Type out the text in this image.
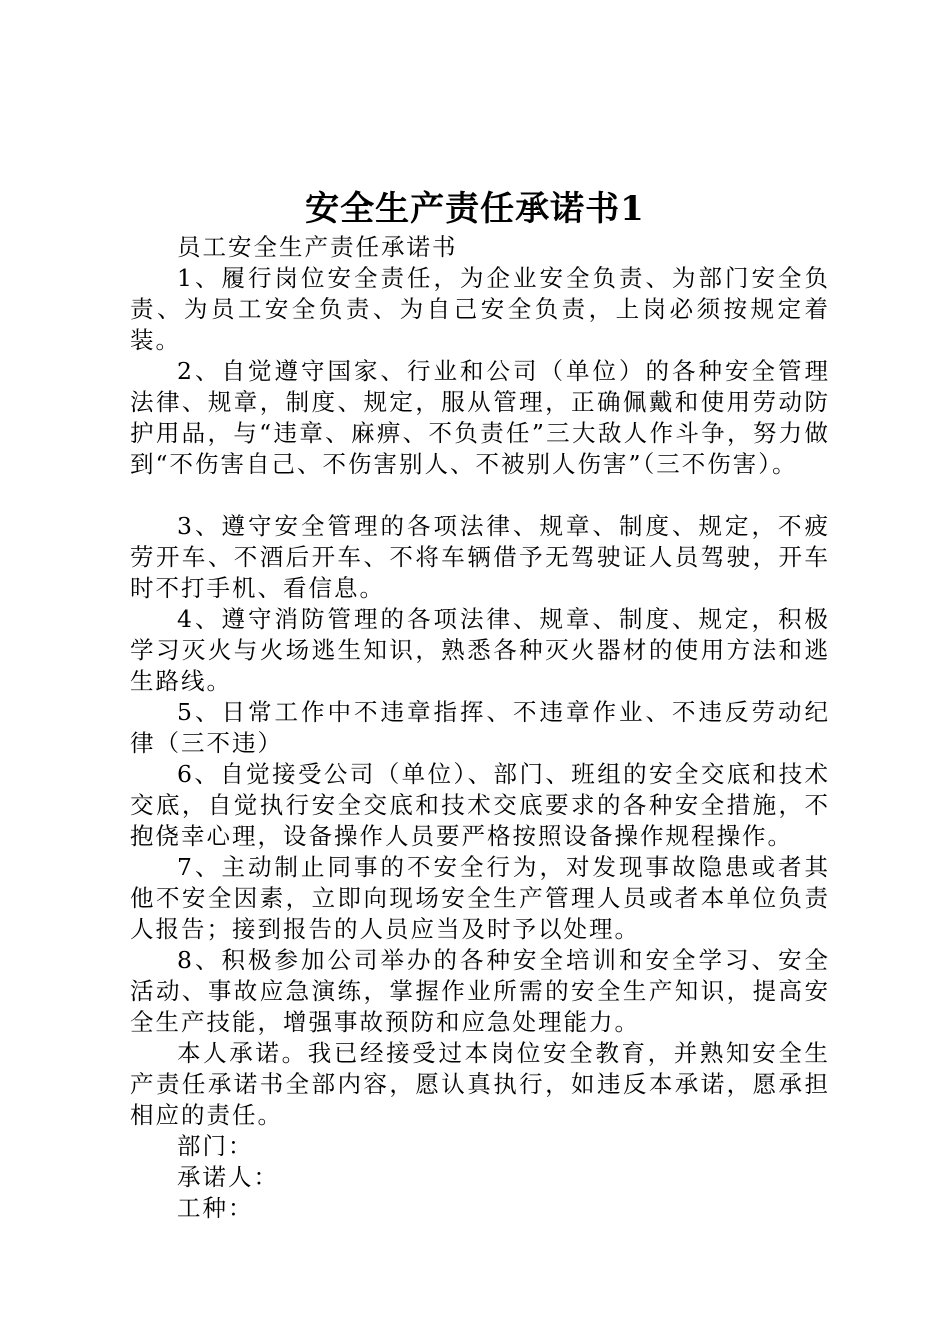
安全生产责任承诺书1

员工安全生产责任承诺书

1、履行岗位安全责任，为企业安全负责、为部门安全负责、为员工安全负责、为自己安全负责，上岗必须按规定着装。

2、自觉遵守国家、行业和公司（单位）的各种安全管理法律、规章，制度、规定，服从管理，正确佩戴和使用劳动防护用品，与“违章、麻痹、不负责任”三大敌人作斗争，努力做到“不伤害自己、不伤害别人、不被别人伤害”（三不伤害）。

3、遵守安全管理的各项法律、规章、制度、规定，不疲劳开车、不酒后开车、不将车辆借予无驾驶证人员驾驶，开车时不打手机、看信息。

4、遵守消防管理的各项法律、规章、制度、规定，积极学习灭火与火场逃生知识，熟悉各种灭火器材的使用方法和逃生路线。

5、日常工作中不违章指挥、不违章作业、不违反劳动纪律（三不违）

6、自觉接受公司（单位）、部门、班组的安全交底和技术交底，自觉执行安全交底和技术交底要求的各种安全措施，不抱侥幸心理，设备操作人员要严格按照设备操作规程操作。

7、主动制止同事的不安全行为，对发现事故隐患或者其他不安全因素，立即向现场安全生产管理人员或者本单位负责人报告；接到报告的人员应当及时予以处理。

8、积极参加公司举办的各种安全培训和安全学习、安全活动、事故应急演练，掌握作业所需的安全生产知识，提高安全生产技能，增强事故预防和应急处理能力。

本人承诺。我已经接受过本岗位安全教育，并熟知安全生产责任承诺书全部内容，愿认真执行，如违反本承诺，愿承担相应的责任。

部门：

承诺人：

工种：
